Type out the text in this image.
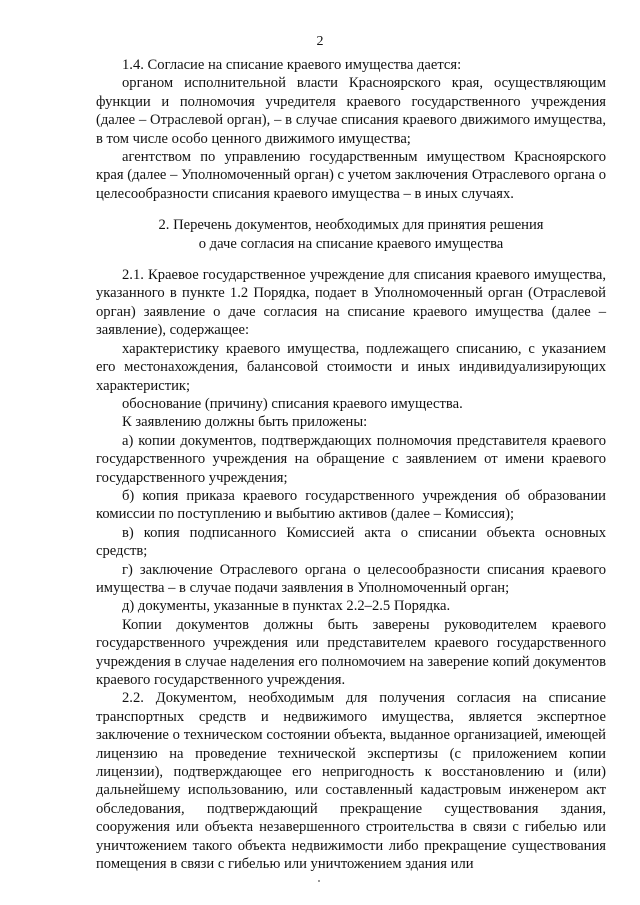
2

1.4. Согласие на списание краевого имущества дается:

органом исполнительной власти Красноярского края, осуществляющим функции и полномочия учредителя краевого государственного учреждения (далее – Отраслевой орган), – в случае списания краевого движимого имущества, в том числе особо ценного движимого имущества;

агентством по управлению государственным имуществом Красноярского края (далее – Уполномоченный орган) с учетом заключения Отраслевого органа о целесообразности списания краевого имущества – в иных случаях.

2. Перечень документов, необходимых для принятия решения
о даче согласия на списание краевого имущества

2.1. Краевое государственное учреждение для списания краевого имущества, указанного в пункте 1.2 Порядка, подает в Уполномоченный орган (Отраслевой орган) заявление о даче согласия на списание краевого имущества (далее – заявление), содержащее:

характеристику краевого имущества, подлежащего списанию, с указанием его местонахождения, балансовой стоимости и иных индивидуализирующих характеристик;

обоснование (причину) списания краевого имущества.

К заявлению должны быть приложены:

а) копии документов, подтверждающих полномочия представителя краевого государственного учреждения на обращение с заявлением от имени краевого государственного учреждения;

б) копия приказа краевого государственного учреждения об образовании комиссии по поступлению и выбытию активов (далее – Комиссия);

в) копия подписанного Комиссией акта о списании объекта основных средств;

г) заключение Отраслевого органа о целесообразности списания краевого имущества – в случае подачи заявления в Уполномоченный орган;

д) документы, указанные в пунктах 2.2–2.5 Порядка.

Копии документов должны быть заверены руководителем краевого государственного учреждения или представителем краевого государственного учреждения в случае наделения его полномочием на заверение копий документов краевого государственного учреждения.

2.2. Документом, необходимым для получения согласия на списание транспортных средств и недвижимого имущества, является экспертное заключение о техническом состоянии объекта, выданное организацией, имеющей лицензию на проведение технической экспертизы (с приложением копии лицензии), подтверждающее его непригодность к восстановлению и (или) дальнейшему использованию, или составленный кадастровым инженером акт обследования, подтверждающий прекращение существования здания, сооружения или объекта незавершенного строительства в связи с гибелью или уничтожением такого объекта недвижимости либо прекращение существования помещения в связи с гибелью или уничтожением здания или
